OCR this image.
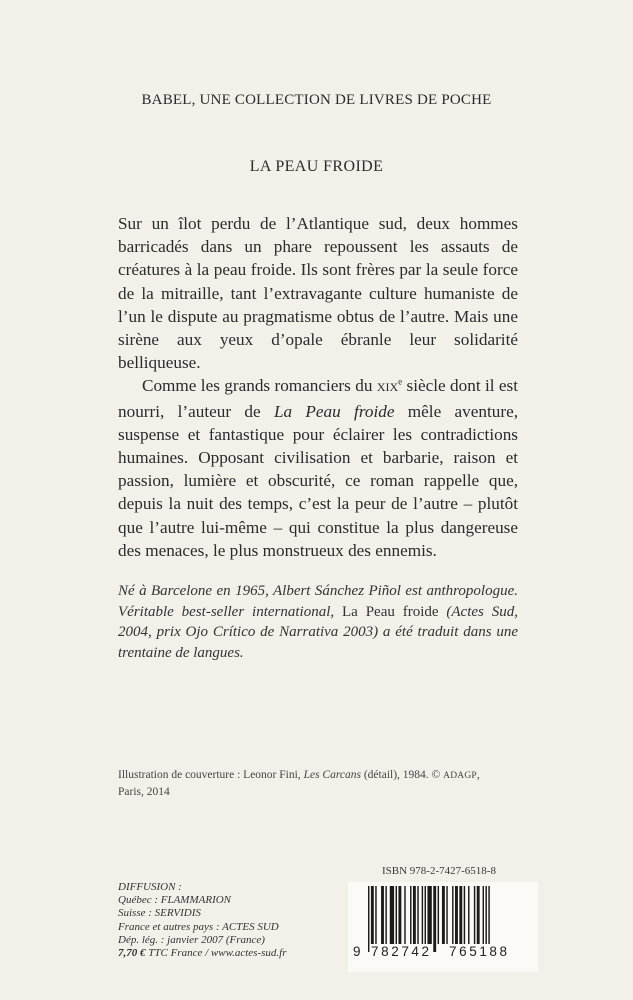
BABEL, UNE COLLECTION DE LIVRES DE POCHE
LA PEAU FROIDE

Sur un îlot perdu de l’Atlantique sud, deux hommes barricadés dans un phare repoussent les assauts de créatures à la peau froide. Ils sont frères par la seule force de la mitraille, tant l’extravagante culture humaniste de l’un le dispute au pragmatisme obtus de l’autre. Mais une sirène aux yeux d’opale ébranle leur solidarité belliqueuse.

Comme les grands romanciers du XIXe siècle dont il est nourri, l’auteur de La Peau froide mêle aventure, suspense et fantastique pour éclairer les contradictions humaines. Opposant civilisation et barbarie, raison et passion, lumière et obscurité, ce roman rappelle que, depuis la nuit des temps, c’est la peur de l’autre – plutôt que l’autre lui-même – qui constitue la plus dangereuse des menaces, le plus monstrueux des ennemis.

Né à Barcelone en 1965, Albert Sánchez Piñol est anthropologue. Véritable best-seller international, La Peau froide (Actes Sud, 2004, prix Ojo Crítico de Narrativa 2003) a été traduit dans une trentaine de langues.
Illustration de couverture : Leonor Fini, Les Carcans (détail), 1984. © ADAGP,
Paris, 2014
ISBN 978-2-7427-6518-8
9 782742 765188
DIFFUSION :
Québec : FLAMMARION
Suisse : SERVIDIS
France et autres pays : ACTES SUD
Dép. lég. : janvier 2007 (France)
7,70 € TTC France / www.actes-sud.fr
